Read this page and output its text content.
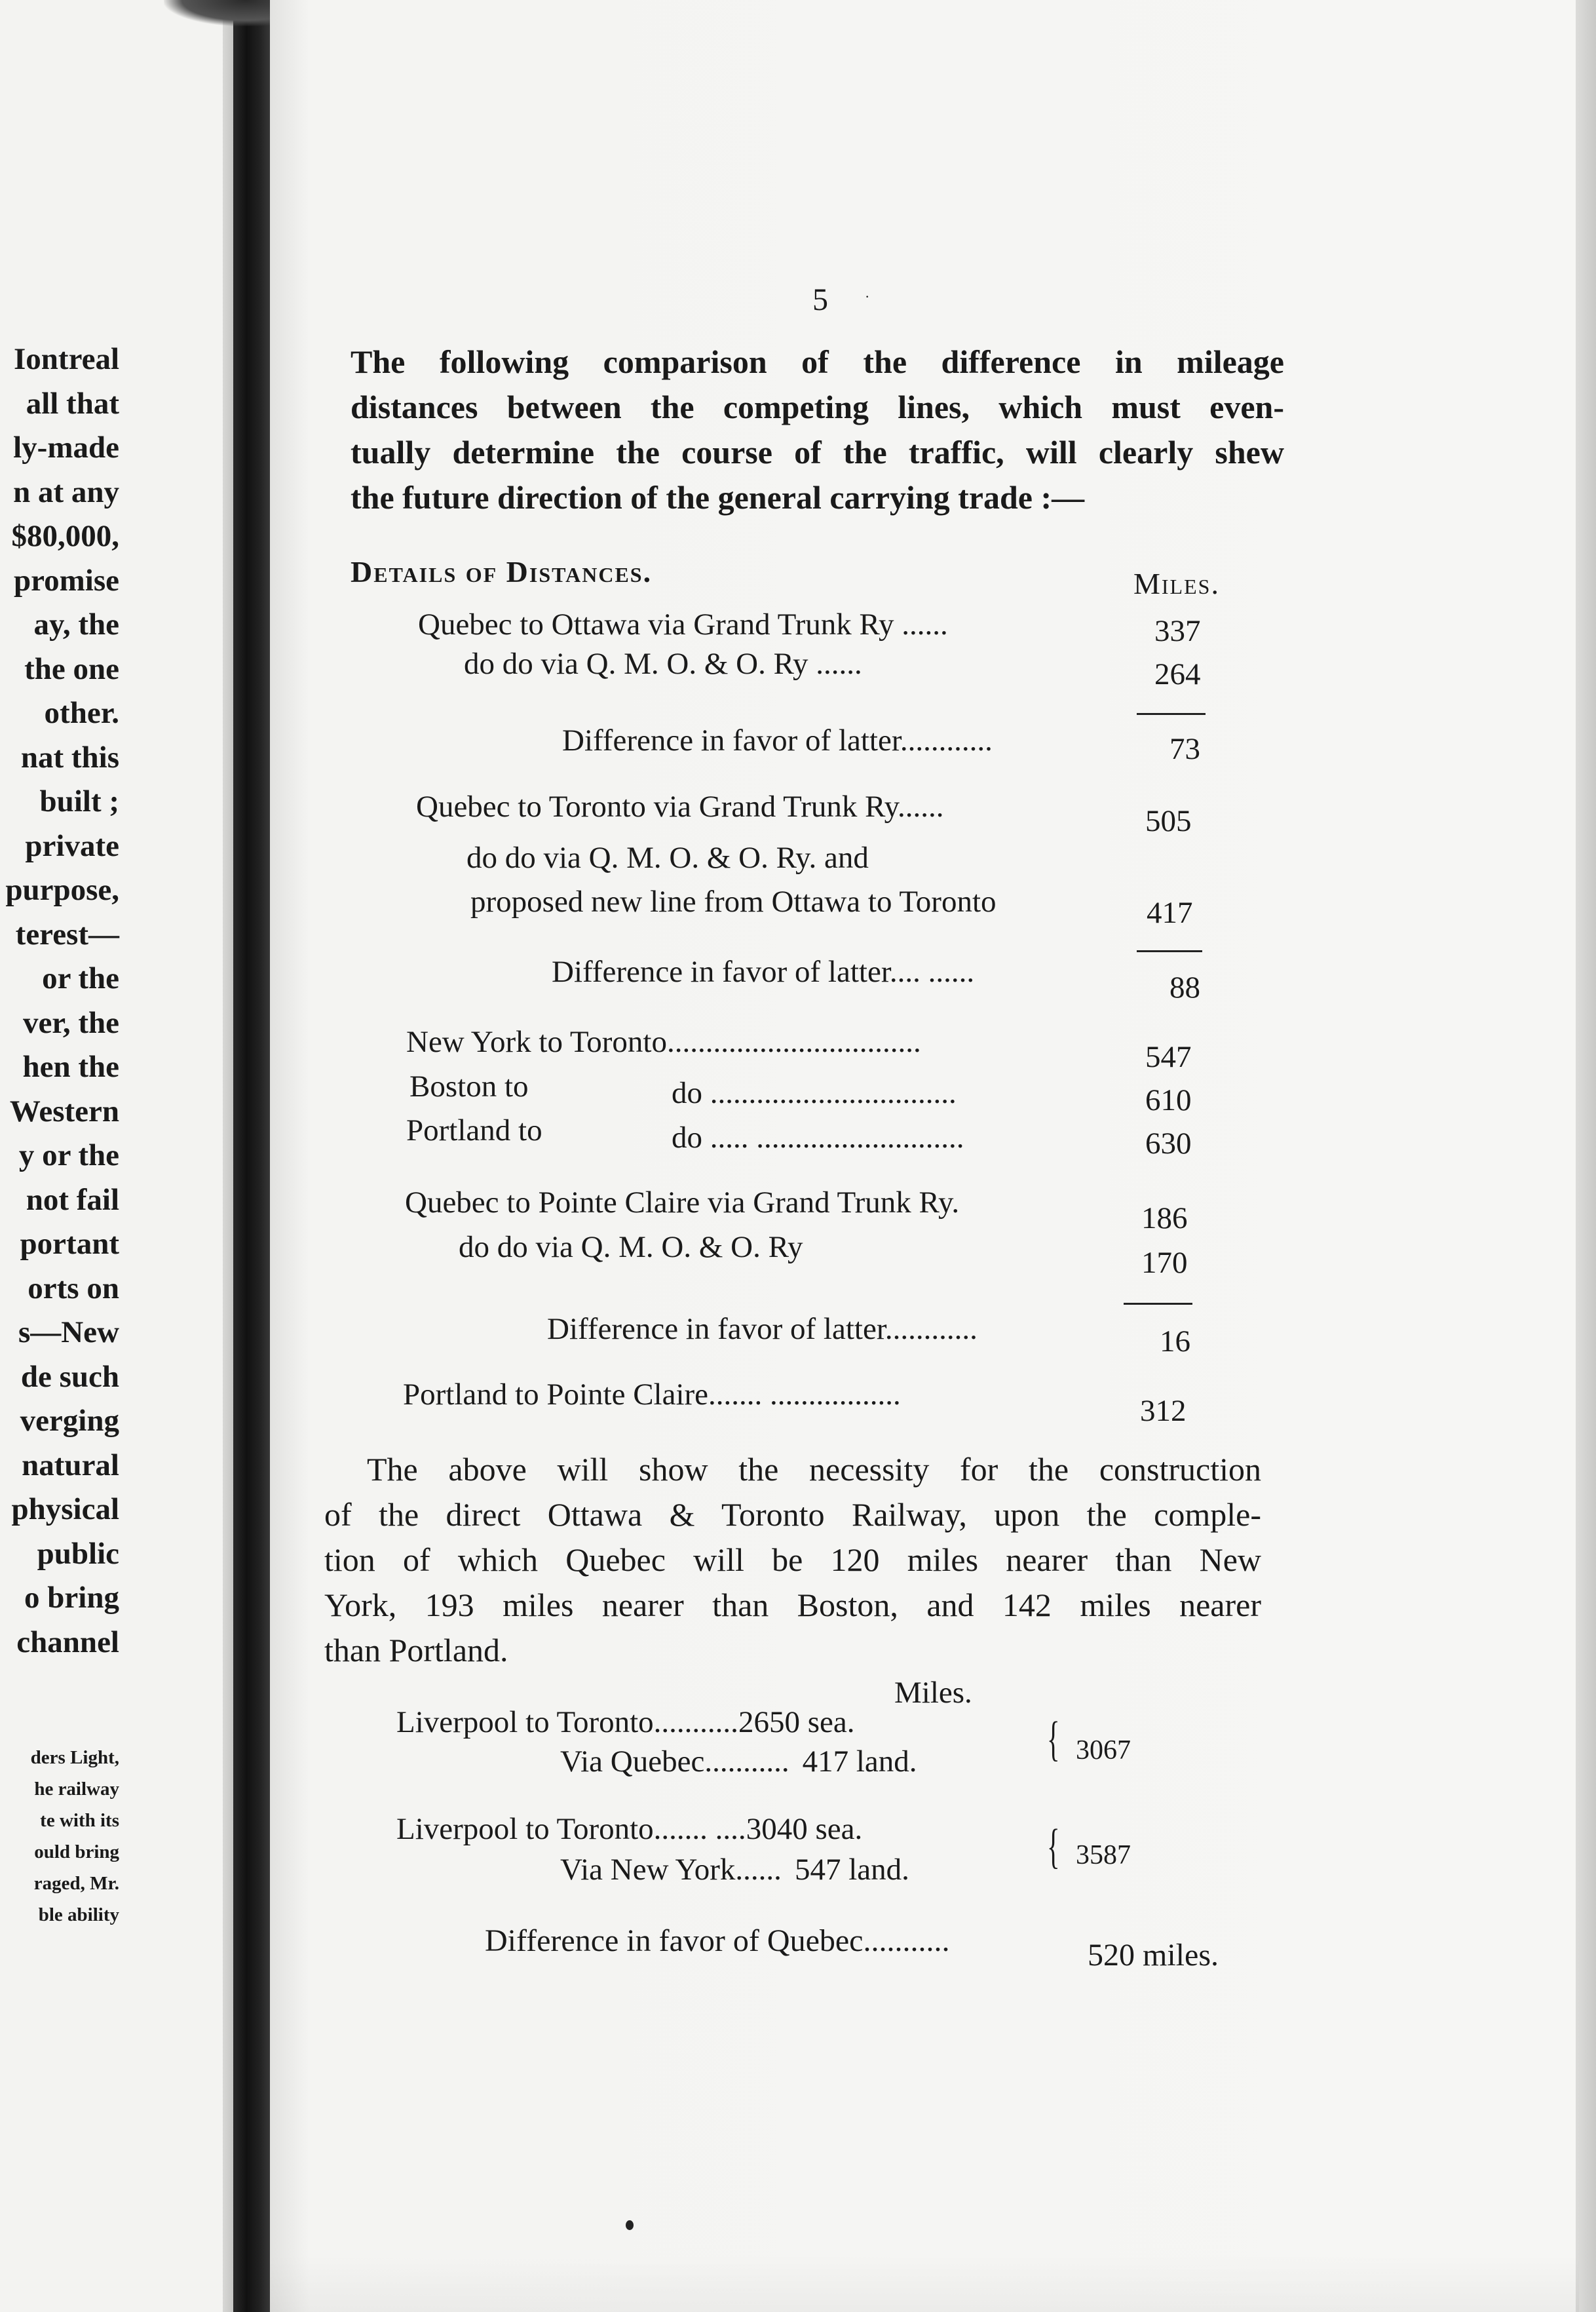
Iontreal
all that
ly-made
n at any
$80,000,
promise
ay, the
the one
other.
nat this
built ;
private
purpose,
terest—
or the
ver, the
hen the
Western
y or the
not fail
portant
orts on
s—New
de such
verging
natural
physical
public
o bring
channel
ders Light,
he railway
te with its
ould bring
raged, Mr.
ble ability
5	·
The following comparison of the difference in mileage
distances between the competing lines, which must even-
tually determine the course of the traffic, will clearly shew
the future direction of the general carrying trade :—
Details of Distances.	Miles.
Quebec to Ottawa via Grand Trunk Ry ......	337
do do via Q. M. O. & O. Ry ......	264
Difference in favor of latter............	73
Quebec to Toronto via Grand Trunk Ry......	505
do do via Q. M. O. & O. Ry. and
proposed new line from Ottawa to Toronto	417
Difference in favor of latter.... ......	88
New York to Toronto.................................	547
Boston to	do ................................	610
Portland to	do ..... ...........................	630
Quebec to Pointe Claire via Grand Trunk Ry.	186
do do via Q. M. O. & O. Ry	170
Difference in favor of latter............	16
Portland to Pointe Claire....... .................	312
The above will show the necessity for the construction
of the direct Ottawa & Toronto Railway, upon the comple-
tion of which Quebec will be 120 miles nearer than New
York, 193 miles nearer than Boston, and 142 miles nearer
than Portland.
Miles.
Liverpool to Toronto...........2650 sea.
Via Quebec........... 417 land.	{ 3067
Liverpool to Toronto....... ....3040 sea.
Via New York...... 547 land.	{ 3587
Difference in favor of Quebec...........	520 miles.
